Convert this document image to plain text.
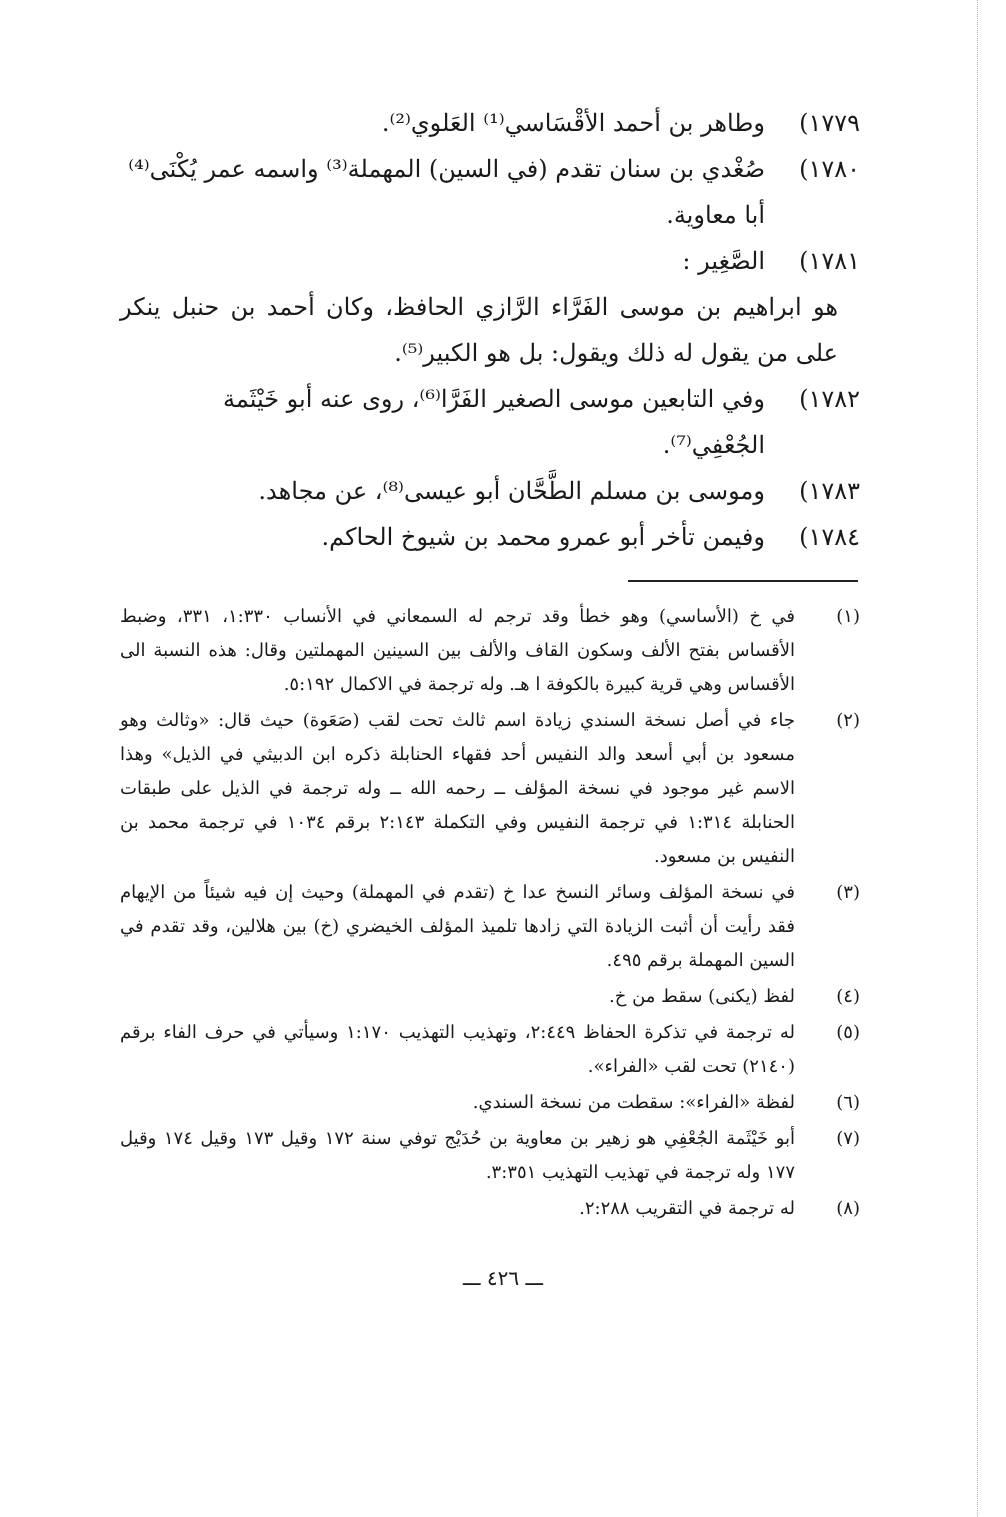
١٧٧٩)
وطاهر بن أحمد الأقْسَاسي⁽¹⁾ العَلوي⁽²⁾.
١٧٨٠)
صُغْدي بن سنان تقدم (في السين) المهملة⁽³⁾ واسمه عمر يُكْنَى⁽⁴⁾ أبا معاوية.
١٧٨١)
الصَّغِير :
هو ابراهيم بن موسى الفَرَّاء الرَّازي الحافظ، وكان أحمد بن حنبل ينكر على من يقول له ذلك ويقول: بل هو الكبير⁽⁵⁾.
١٧٨٢)
وفي التابعين موسى الصغير الفَرَّا⁽⁶⁾، روى عنه أبو خَيْثَمة الجُعْفِي⁽⁷⁾.
١٧٨٣)
وموسى بن مسلم الطَّحَّان أبو عيسى⁽⁸⁾، عن مجاهد.
١٧٨٤)
وفيمن تأخر أبو عمرو محمد بن شيوخ الحاكم.
(١)
في خ (الأساسي) وهو خطأ وقد ترجم له السمعاني في الأنساب ١:٣٣٠، ٣٣١، وضبط الأقساس بفتح الألف وسكون القاف والألف بين السينين المهملتين وقال: هذه النسبة الى الأقساس وهي قرية كبيرة بالكوفة ا هـ. وله ترجمة في الاكمال ٥:١٩٢.
(٢)
جاء في أصل نسخة السندي زيادة اسم ثالث تحت لقب (صَعَوة) حيث قال: «وثالث وهو مسعود بن أبي أسعد والد النفيس أحد فقهاء الحنابلة ذكره ابن الدبيثي في الذيل» وهذا الاسم غير موجود في نسخة المؤلف ــ رحمه الله ــ وله ترجمة في الذيل على طبقات الحنابلة ١:٣١٤ في ترجمة النفيس وفي التكملة ٢:١٤٣ برقم ١٠٣٤ في ترجمة محمد بن النفيس بن مسعود.
(٣)
في نسخة المؤلف وسائر النسخ عدا خ (تقدم في المهملة) وحيث إن فيه شيئاً من الإيهام فقد رأيت أن أثبت الزيادة التي زادها تلميذ المؤلف الخيضري (خ) بين هلالين، وقد تقدم في السين المهملة برقم ٤٩٥.
(٤)
لفظ (يكنى) سقط من خ.
(٥)
له ترجمة في تذكرة الحفاظ ٢:٤٤٩، وتهذيب التهذيب ١:١٧٠ وسيأتي في حرف الفاء برقم (٢١٤٠) تحت لقب «الفراء».
(٦)
لفظة «الفراء»: سقطت من نسخة السندي.
(٧)
أبو خَيْثَمة الجُعْفِي هو زهير بن معاوية بن حُدَيْج توفي سنة ١٧٢ وقيل ١٧٣ وقيل ١٧٤ وقيل ١٧٧ وله ترجمة في تهذيب التهذيب ٣:٣٥١.
(٨)
له ترجمة في التقريب ٢:٢٨٨.
ـــ ٤٢٦ ـــ
